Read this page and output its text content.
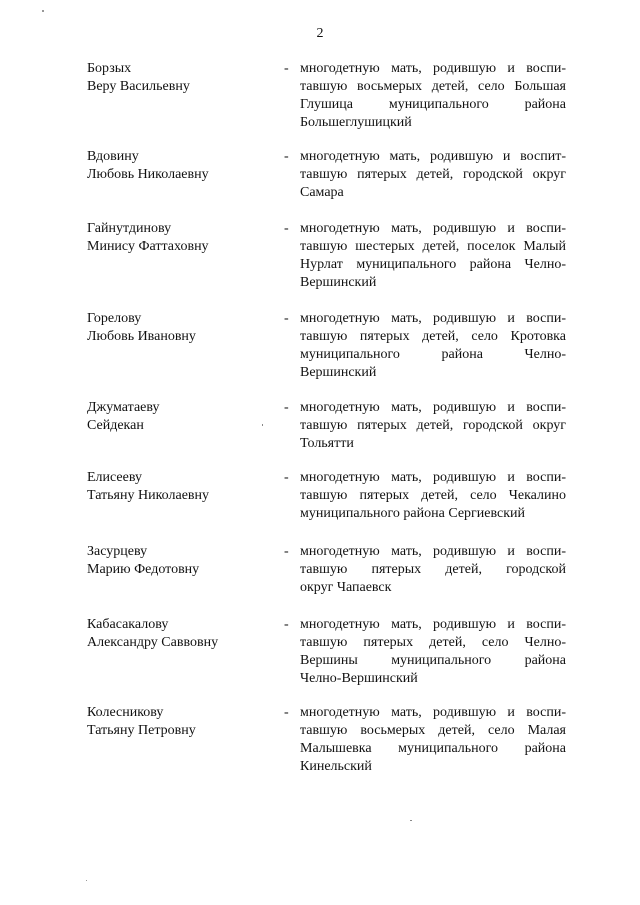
2
Борзых
Веру Васильевну
- многодетную мать, родившую и воспи-
тавшую восьмерых детей, село Большая
Глушица муниципального района
Большеглушицкий
Вдовину
Любовь Николаевну
- многодетную мать, родившую и воспит-
тавшую пятерых детей, городской округ
Самара
Гайнутдинову
Минису Фаттаховну
- многодетную мать, родившую и воспи-
тавшую шестерых детей, поселок Малый
Нурлат муниципального района Челно-
Вершинский
Горелову
Любовь Ивановну
- многодетную мать, родившую и воспи-
тавшую пятерых детей, село Кротовка
муниципального района Челно-
Вершинский
Джуматаеву
Сейдекан
- многодетную мать, родившую и воспи-
тавшую пятерых детей, городской округ
Тольятти
Елисееву
Татьяну Николаевну
- многодетную мать, родившую и воспи-
тавшую пятерых детей, село Чекалино
муниципального района Сергиевский
Засурцеву
Марию Федотовну
- многодетную мать, родившую и воспи-
тавшую пятерых детей, городской
округ Чапаевск
Кабасакалову
Александру Саввовну
- многодетную мать, родившую и воспи-
тавшую пятерых детей, село Челно-
Вершины муниципального района
Челно-Вершинский
Колесникову
Татьяну Петровну
- многодетную мать, родившую и воспи-
тавшую восьмерых детей, село Малая
Малышевка муниципального района
Кинельский
